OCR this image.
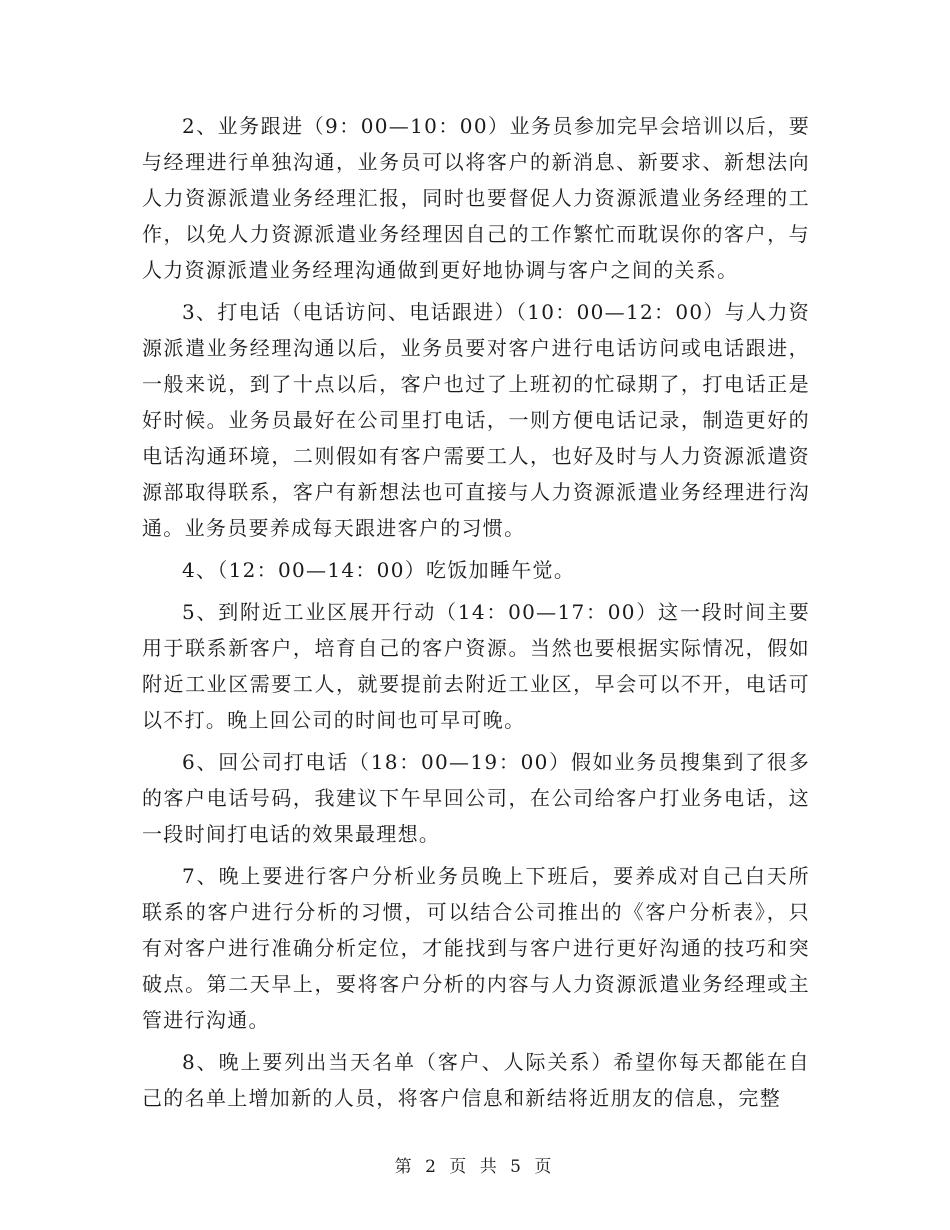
2、业务跟进（9：00—10：00）业务员参加完早会培训以后，要与经理进行单独沟通，业务员可以将客户的新消息、新要求、新想法向人力资源派遣业务经理汇报，同时也要督促人力资源派遣业务经理的工作，以免人力资源派遣业务经理因自己的工作繁忙而耽误你的客户，与人力资源派遣业务经理沟通做到更好地协调与客户之间的关系。

3、打电话（电话访问、电话跟进）（10：00—12：00）与人力资源派遣业务经理沟通以后，业务员要对客户进行电话访问或电话跟进，一般来说，到了十点以后，客户也过了上班初的忙碌期了，打电话正是好时候。业务员最好在公司里打电话，一则方便电话记录，制造更好的电话沟通环境，二则假如有客户需要工人，也好及时与人力资源派遣资源部取得联系，客户有新想法也可直接与人力资源派遣业务经理进行沟通。业务员要养成每天跟进客户的习惯。

4、（12：00—14：00）吃饭加睡午觉。

5、到附近工业区展开行动（14：00—17：00）这一段时间主要用于联系新客户，培育自己的客户资源。当然也要根据实际情况，假如附近工业区需要工人，就要提前去附近工业区，早会可以不开，电话可以不打。晚上回公司的时间也可早可晚。

6、回公司打电话（18：00—19：00）假如业务员搜集到了很多的客户电话号码，我建议下午早回公司，在公司给客户打业务电话，这一段时间打电话的效果最理想。

7、晚上要进行客户分析业务员晚上下班后，要养成对自己白天所联系的客户进行分析的习惯，可以结合公司推出的《客户分析表》，只有对客户进行准确分析定位，才能找到与客户进行更好沟通的技巧和突破点。第二天早上，要将客户分析的内容与人力资源派遣业务经理或主管进行沟通。

8、晚上要列出当天名单（客户、人际关系）希望你每天都能在自己的名单上增加新的人员，将客户信息和新结将近朋友的信息，完整

第 2 页 共 5 页
